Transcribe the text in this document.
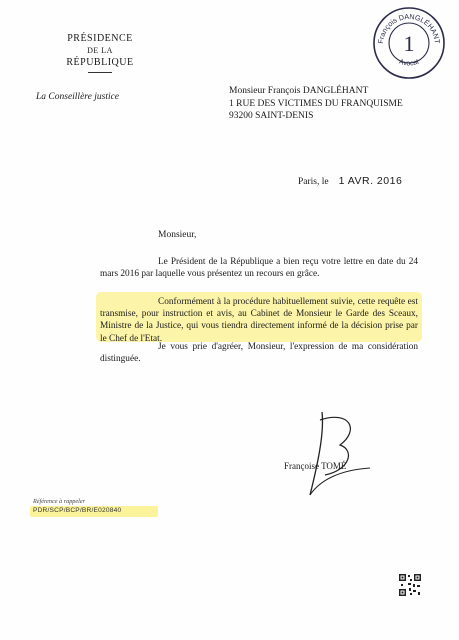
PRÉSIDENCE
DE LA
RÉPUBLIQUE
La Conseillère justice
Monsieur François DANGLÉHANT
1 RUE DES VICTIMES DU FRANQUISME
93200 SAINT-DENIS
François DANGLÉHANT
Avocat
1
Paris, le 1 AVR. 2016
Monsieur,
Le Président de la République a bien reçu votre lettre en date du 24 mars 2016 par laquelle vous présentez un recours en grâce.
Conformément à la procédure habituellement suivie, cette requête est transmise, pour instruction et avis, au Cabinet de Monsieur le Garde des Sceaux, Ministre de la Justice, qui vous tiendra directement informé de la décision prise par le Chef de l'Etat.
Je vous prie d'agréer, Monsieur, l'expression de ma considération distinguée.
Françoise TOMÉ
Référence à rappeler
PDR/SCP/BCP/BR/E020840
